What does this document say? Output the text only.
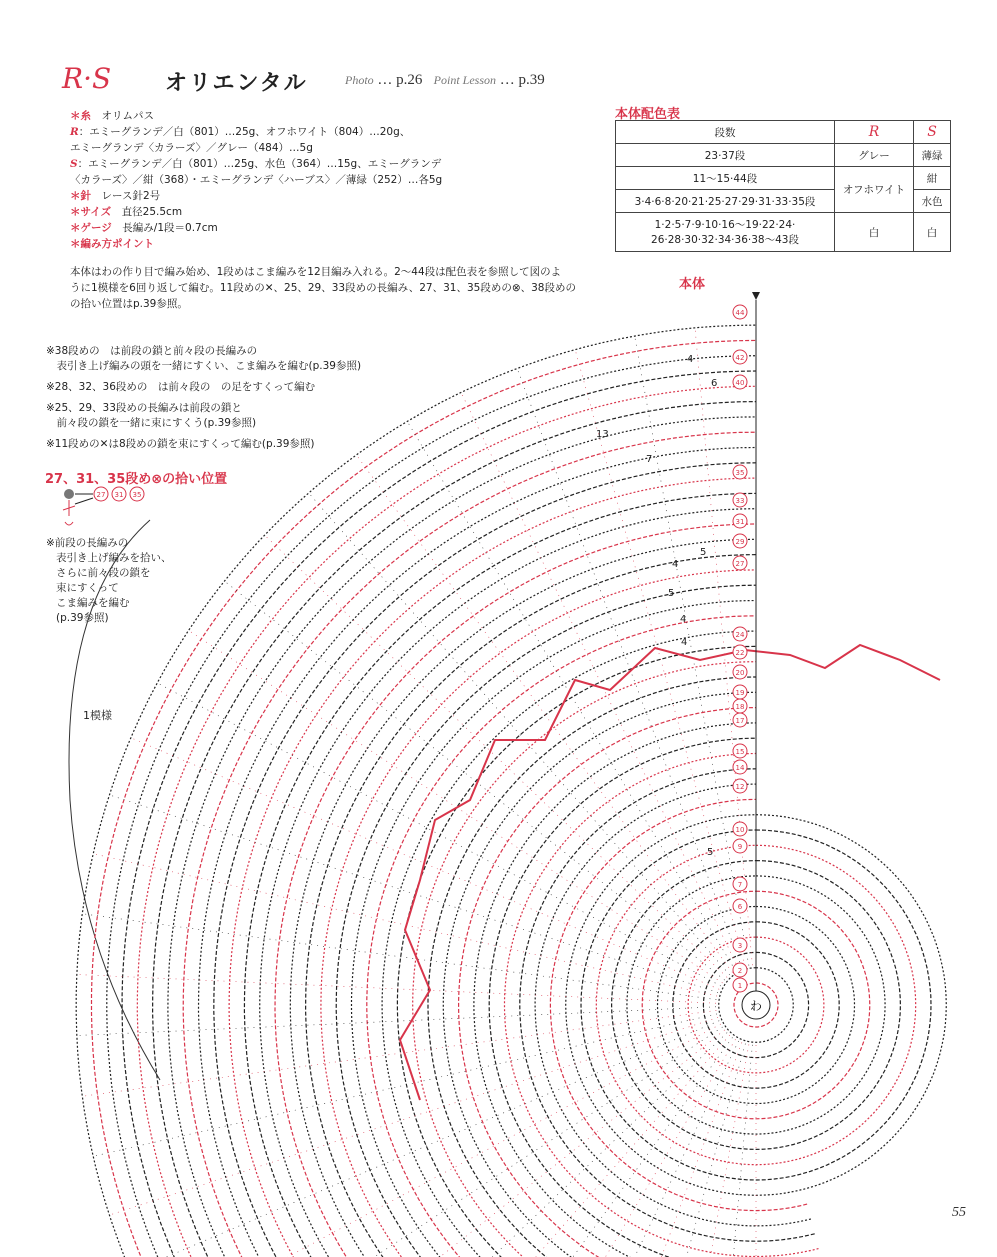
R·S オリエンタル	Photo … p.26 Point Lesson … p.39
＊糸　 オリムパス
R：エミーグランデ／白（801）…25g、オフホワイト（804）…20g、
エミーグランデ〈カラーズ〉／グレー（484）…5g
S：エミーグランデ／白（801）…25g、水色（364）…15g、エミーグランデ
〈カラーズ〉／紺（368）・エミーグランデ〈ハーブス〉／薄緑（252）…各5g
＊針　 レース針2号
＊サイズ　 直径25.5cm
＊ゲージ　 長編み/1段＝0.7cm
＊編み方ポイント
本体はわの作り目で編み始め、1段めはこま編みを12目編み入れる。2～44段は配色表を参照して図のよ
うに1模様を6回り返して編む。11段めの✕、25、29、33段めの長編み、27、31、35段めの⊗、38段めの
の拾い位置はp.39参照。
本体配色表
段数	R	S
23·37段	グレー	薄緑
11～15·44段	オフホワイト	紺
3·4·6·8·20·21·25·27·29·31·33·35段		水色
1·2·5·7·9·10·16～19·22·24·
26·28·30·32·34·36·38～43段	白	白
※38段めの　は前段の鎖と前々段の長編みの
　表引き上げ編みの頭を一緒にすくい、こま編みを編む(p.39参照)
※28、32、36段めの　は前々段の　の足をすくって編む
※25、29、33段めの長編みは前段の鎖と
　前々段の鎖を一緒に束にすくう(p.39参照)
※11段めの✕は8段めの鎖を束にすくって編む(p.39参照)
27、31、35段め⊗の拾い位置
27 31 35
※前段の長編みの
表引き上げ編みを拾い、
さらに前々段の鎖を
束にすくって
こま編みを編む
(p.39参照)
本体
1模様
44
42
40
35
33
31
29
27
24
22
20
19
18
17
15
14
12
10
9
7
6
3
2
1
4
6
13
7
5
4
5
4
4
5
わ
55
